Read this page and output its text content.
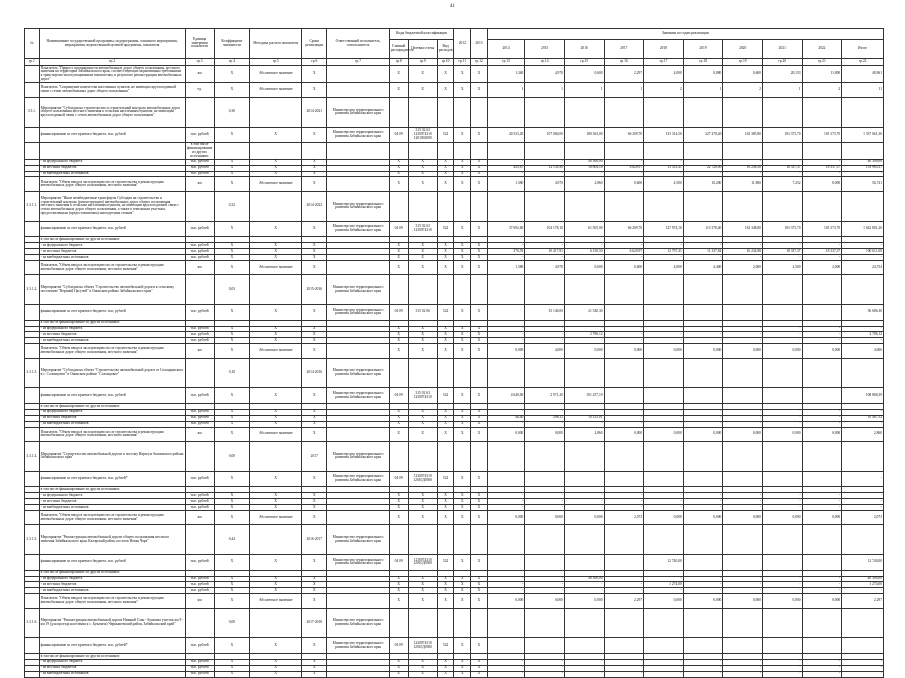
41
№	Наименование государственной программы, подпрограммы, основного мероприятия, мероприятия, ведомственной целевой программы, показателя	Единица измерения показателя	Коэффициент значимости	Методика расчета показателя	Сроки реализации	Ответственный исполнитель, соисполнитель	Коды бюджетной классификации			2012	2013	Значения по годам реализации									
							Главный распорядитель	Целевая статья	Вид расходов			2014	2015	2016	2017	2018	2019	2020	2021	2022	Итого
гр.1	гр.2	гр.3	гр.4	гр.5	гр.6	гр.7	гр.8	гр.9	гр.10	гр.11	гр.12	гр.13	гр.14	гр.15	гр.16	гр.17	гр.18	гр.19	гр.20	гр.21	гр.22
	Показатель "Прирост протяженности автомобильных дорог общего пользования, местного значения на территории Забайкальского края, соответствующих нормативным требованиям к транспортно-эксплуатационным показателям, в результате реконструкции автомобильных дорог"	км	X	Абсолютное значение	X		X	X	X	X	X	1,360	4,970	0,600	2,297	4,000	0,880	0,600	20,153	11,800	40,961
	Показатель "Сокращение количества населенных пунктов, не имеющих круглогодичной связи с сетью автомобильных дорог общего пользования"	ед.	X	Абсолютное значение	X		X	X	X	X	X	1	1	1	1	2	1	2	1	2	11
3.3.1.	Мероприятие "Субсидия на строительство и строительный контроль автомобильных дорог общего пользования местного значения к сельским населенным пунктам, не имеющим круглогодичной связи с сетью автомобильных дорог общего пользования"		0,30		2014-2021	Министерство территориального развития Забайкальского края															
	финансирование за счет краевого бюджета, тыс. рублей	тыс. рублей	X	X	X	Министерство территориального развития Забайкальского края	04 09	315 02 63 1230074310 1201002000	522	X	X	40 333,20	107 060,00	180 363,00	66 209,70	133 314,50	227 278,40	162 385,80	183 373,70	181 373,70	1 337 061,30
		в том числе финансирование из других источников:																			
	- из федерального бюджета	тыс. рублей	X	X	X		X	X	X	X	X	-	-	40 300,00	-	-	-	-	-	-	40 300,00
	- из местных бюджетов	тыс. рублей	X	X	X		X	X	X	X	X	425,67	12 133,90	18 004,10	6 620,97	13 331,41	22 728,00	16 238,58	18 337,37	18 337,37	133 985,37
	- из внебюджетных источников	тыс. рублей	X	X	X		X	X	X	X	X	-	-	-	-	-	-	-	-	-	-
	Показатель "Объем ввода в эксплуатацию после строительства и реконструкции автомобильных дорог общего пользования, местного значения"	км	X	Абсолютное значение	X		X	X	X	X	X	1,380	4,970	2,860	0,600	4,500	10,200	11,800	7,252	8,000	56,741
3.3.1.1.	Мероприятие "Иные межбюджетные трансферты Субсидия на строительство и строительный контроль (реконструкцию) автомобильных дорог общего пользования местного значения к сельским населенным пунктам, не имеющим круглогодичной связи с сетью автомобильных дорог общего пользования, а также к земельным участкам, предоставленным (предоставляемым) многодетным семьям"		0,32		2014-2022	Министерство территориального развития Забайкальского края															
	финансирование за счет краевого бюджета, тыс. рублей	тыс. рублей	X	X	X	Министерство территориального развития Забайкальского края	04 09	315 02 63 1230074310	522	X	X	37 692,60	104 178,10	61 505,00	66 209,70	127 974,10	113 378,40	162 348,80	183 373,70	181 373,70	1 042 801,20
	в том числе финансирование из других источников:																				
	- из федерального бюджета	тыс. рублей	X	X	X		X	X	X	X	X	-	-	-	-	-	-	-	-	-	-
	- из местных бюджетов	тыс. рублей	X	X	X		X	X	X	X	X	376,93	10 417,81	6 150,50	6 620,97	12 797,41	11 337,84	16 234,88	18 337,37	18 337,37	100 611,08
	- из внебюджетных источников	тыс. рублей	X	X	X		X	X	X	X	X	-	-	-	-	-	-	-	-	-	-
	Показатель "Объем ввода в эксплуатацию после строительства и реконструкции автомобильных дорог общего пользования, местного значения"	км	X	Абсолютное значение	X		X	X	X	X	X	1,380	4,970	0,600	0,600	4,000	4,400	2,000	2,500	2,000	24,754
3.3.1.2.	Мероприятие "Субсидия на объект "Строительство автомобильной дороги к сельскому поселению "Верхний Цасучей" в Ононском районе Забайкальского края"		0,03		2015-2016	Министерство территориального развития Забайкальского края															
	финансирование за счет краевого бюджета, тыс. рублей	тыс. рублей	X	X	X	Министерство территориального развития Забайкальского края	04 09	315 02 06	522	X	X		35 146,00	21 540,30							56 686,30
	в том числе финансирование из других источников:																				
	- из федерального бюджета	тыс. рублей	X	X	X		X	X	X	X	X	-	-	-	-	-	-	-	-	-	-
	- из местных бюджетов	тыс. рублей	X	X	X		X	X	X	X	X	-	-	2 786,12	-	-	-	-	-	-	2 786,12
	- из внебюджетных источников	тыс. рублей	X	X	X		X	X	X	X	X	-	-	-	-	-	-	-	-	-	-
	Показатель "Объем ввода в эксплуатацию после строительства и реконструкции автомобильных дорог общего пользования, местного значения"	км	X	Абсолютное значение	X		X	X	X	X	X	0,000	4,000	0,000	0,000	0,000	0,000	0,000	0,000	0,000	4,000
3.3.1.3.	Мероприятие "Субсидия на объект "Строительство автомобильной дороги от Сохондинского в с. Солонцовое" в Ононском районе "Солонцовое"		0,10		2014-2016	Министерство территориального развития Забайкальского края															
	финансирование за счет краевого бюджета, тыс. рублей	тыс. рублей	X	X	X	Министерство территориального развития Забайкальского края	04 09	315 02 63 1230074310	522	X	X	4 640,00	2 971,20	101 257,19							108 868,39
	в том числе финансирование из других источников:																				
	- из федерального бюджета	тыс. рублей	X	X	X		X	X	X	X	X	-	-	-	-	-	-	-	-	-	-
	- из местных бюджетов	тыс. рублей	X	X	X		X	X	X	X	X	46,40	296,11	10 125,01	-	-	-	-	-	-	10 467,52
	- из внебюджетных источников	тыс. рублей	X	X	X		X	X	X	X	X	-	-	-	-	-	-	-	-	-	-
	Показатель "Объем ввода в эксплуатацию после строительства и реконструкции автомобильных дорог общего пользования, местного значения"	км	X	Абсолютное значение	X		X	X	X	X	X	0,000	0,000	2,860	0,000	0,000	0,000	0,000	0,000	0,000	2,860
3.3.1.4.	Мероприятие "Строительство автомобильной дороги к поселку Нарасун Акшинского района Забайкальского края"		0,00		2017	Министерство территориального развития Забайкальского края															
	финансирование за счет краевого бюджета, тыс. рублей*	тыс. рублей	X	X	X	Министерство территориального развития Забайкальского края	04 09	1230074310 12010Д0500	522	X	X										-
	в том числе финансирование из других источников:																				
	- из федерального бюджета	тыс. рублей	X	X	X		X	X	X	X	X	-	-	-	-	-	-	-	-	-	-
	- из местных бюджетов	тыс. рублей	X	X	X		X	X	X	X	X	-	-	-	-	-	-	-	-	-	-
	- из внебюджетных источников	тыс. рублей	X	X	X		X	X	X	X	X	-	-	-	-	-	-	-	-	-	-
	Показатель "Объем ввода в эксплуатацию после строительства и реконструкции автомобильных дорог общего пользования, местного значения"	км	X	Абсолютное значение	X		X	X	X	X	X	0,000	0,000	0,000	2,073	0,000	0,000	0,000	0,000	0,000	2,073
3.3.1.5.	Мероприятие "Реконструкция автомобильной дороги общего пользования местного значения Забайкальского края, Каларский район, поселок Новая Чара"		0,44		2016-2017	Министерство территориального развития Забайкальского края															
	финансирование за счет краевого бюджета, тыс. рублей	тыс. рублей	X	X	X	Министерство территориального развития Забайкальского края	04 09	1230074310 12010Д0500	522	X	X					12 740,00					12 740,00
	в том числе финансирование из других источников:																				
	- из федерального бюджета	тыс. рублей	X	X	X		X	X	X	X	X	-	-	40 300,00	-	-	-	-	-	-	40 300,00
	- из местных бюджетов	тыс. рублей	X	X	X		X	X	X	X	X	-	-	-	-	1 274,00	-	-	-	-	1 274,00
	- из внебюджетных источников	тыс. рублей	X	X	X		X	X	X	X	X	-	-	-	-	-	-	-	-	-	-
	Показатель "Объем ввода в эксплуатацию после строительства и реконструкции автомобильных дорог общего пользования, местного значения"	км	X	Абсолютное значение	X		X	X	X	X	X	0,000	0,000	0,000	2,297	0,000	0,000	0,000	0,000	0,000	2,297
3.3.1.6.	Мероприятие "Реконструкция автомобильной дороги Нижний Стан - Букачача участок км 9 - км 19 (для проезда населения к с. Букачача) Чернышевский район, Забайкальский край"		0,00		2017-2018	Министерство территориального развития Забайкальского края															
	финансирование за счет краевого бюджета, тыс. рублей*	тыс. рублей	X	X	X	Министерство территориального развития Забайкальского края	04 09	1230074310 12010Д0500	522	X	X										
	в том числе финансирование из других источников:																				
	- из федерального бюджета	тыс. рублей	X	X	X		X	X	X	X	X	-	-	-	-	-	-	-	-	-	-
	- из местных бюджетов	тыс. рублей	X	X	X		X	X	X	X	X	-	-	-	-	-	-	-	-	-	-
	- из внебюджетных источников	тыс. рублей	X	X	X		X	X	X	X	X	-	-	-	-	-	-	-	-	-	-
